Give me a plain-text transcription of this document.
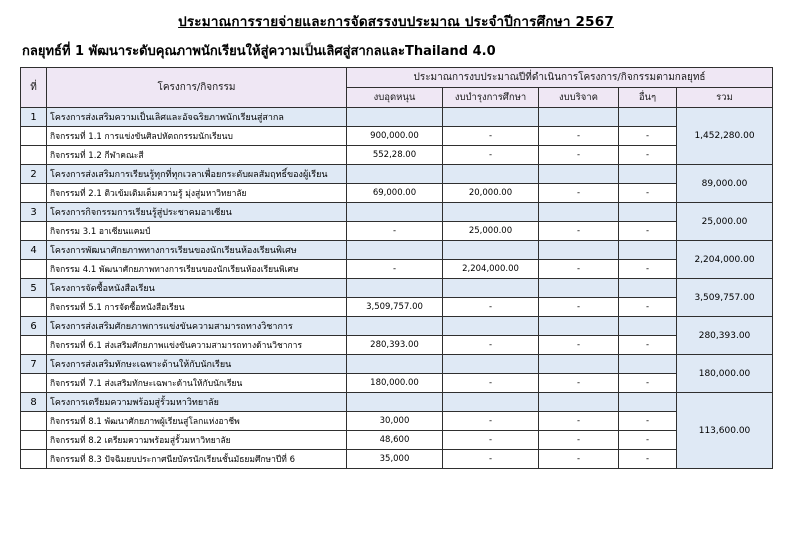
ประมาณการรายจ่ายและการจัดสรรงบประมาณ ประจำปีการศึกษา 2567
กลยุทธ์ที่ 1 พัฒนาระดับคุณภาพนักเรียนให้สู่ความเป็นเลิศสู่สากลและThailand 4.0
ที่	โครงการ/กิจกรรม	ประมาณการงบประมาณปีที่ดำเนินการโครงการ/กิจกรรมตามกลยุทธ์				
		งบอุดหนุน	งบบำรุงการศึกษา	งบบริจาค	อื่นๆ	รวม
1	โครงการส่งเสริมความเป็นเลิศและอัจฉริยภาพนักเรียนสู่สากล					1,452,280.00
	กิจกรรมที่ 1.1 การแข่งขันศิลปหัตถกรรมนักเรียนบ	900,000.00	-	-	-	
	กิจกรรมที่ 1.2 กีฬาคณะสี	552,28.00	-	-	-	
2	โครงการส่งเสริมการเรียนรู้ทุกที่ทุกเวลาเพื่อยกระดับผลสัมฤทธิ์ของผู้เรียน					89,000.00
	กิจกรรมที่ 2.1 ติวเข้มเติมเต็มความรู้ มุ่งสู่มหาวิทยาลัย	69,000.00	20,000.00	-	-	
3	โครงการกิจกรรมการเรียนรู้สู่ประชาคมอาเซียน					25,000.00
	กิจกรรม 3.1 อาเซียนแคมป์	-	25,000.00	-	-	
4	โครงการพัฒนาศักยภาพทางการเรียนของนักเรียนห้องเรียนพิเศษ					2,204,000.00
	กิจกรรม 4.1 พัฒนาศักยภาพทางการเรียนของนักเรียนห้องเรียนพิเศษ	-	2,204,000.00	-	-	
5	โครงการจัดซื้อหนังสือเรียน					3,509,757.00
	กิจกรรมที่ 5.1 การจัดซื้อหนังสือเรียน	3,509,757.00	-	-	-	
6	โครงการส่งเสริมศักยภาพการแข่งขันความสามารถทางวิชาการ					280,393.00
	กิจกรรมที่ 6.1 ส่งเสริมศักยภาพแข่งขันความสามารถทางด้านวิชาการ	280,393.00	-	-	-	
7	โครงการส่งเสริมทักษะเฉพาะด้านให้กับนักเรียน					180,000.00
	กิจกรรมที่ 7.1 ส่งเสริมทักษะเฉพาะด้านให้กับนักเรียน	180,000.00	-	-	-	
8	โครงการเตรียมความพร้อมสู่รั้วมหาวิทยาลัย					113,600.00
	กิจกรรมที่ 8.1 พัฒนาศักยภาพผู้เรียนสู่โลกแห่งอาชีพ	30,000	-	-	-	
	กิจกรรมที่ 8.2 เตรียมความพร้อมสู่รั้วมหาวิทยาลัย	48,600	-	-	-	
	กิจกรรมที่ 8.3 ปัจฉิมยบประกาศนียบัตรนักเรียนชั้นมัธยมศึกษาปีที่ 6	35,000	-	-	-	
